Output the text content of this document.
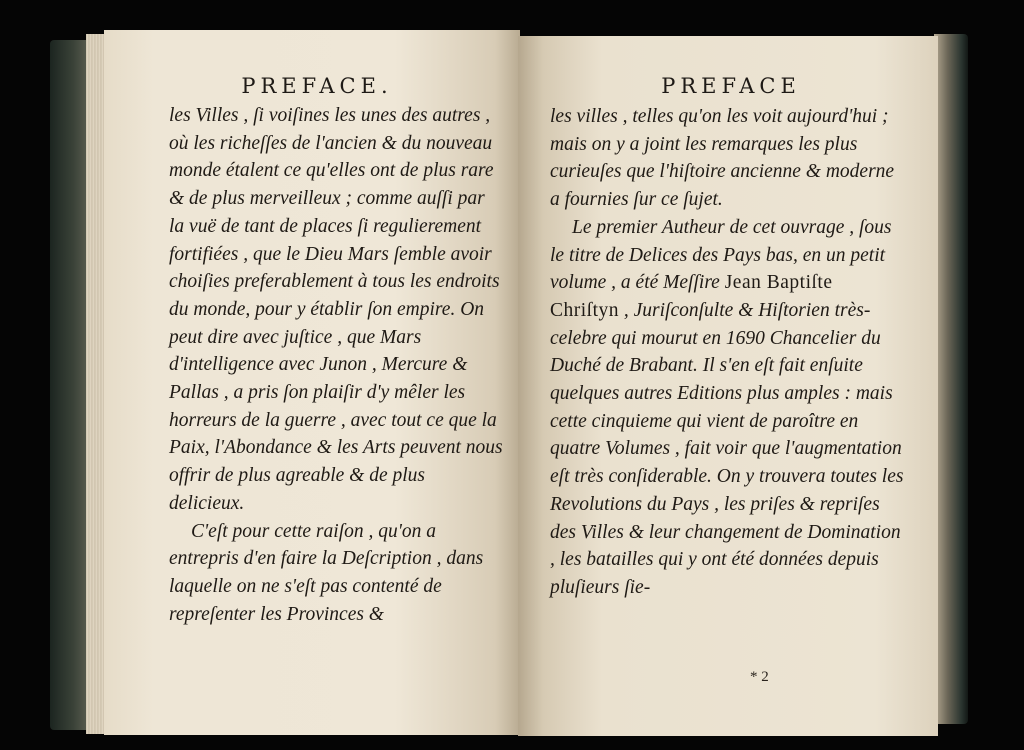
PREFACE.

les Villes , ſi voiſines les unes des autres , où les richeſſes de l'ancien & du nouveau monde étalent ce qu'elles ont de plus rare & de plus merveilleux ; comme auſſi par la vuë de tant de places ſi regulierement fortifiées , que le Dieu Mars ſemble avoir choiſies preferablement à tous les endroits du monde, pour y établir ſon empire. On peut dire avec juſtice , que Mars d'intelligence avec Junon , Mercure & Pallas , a pris ſon plaiſir d'y mêler les horreurs de la guerre , avec tout ce que la Paix, l'Abondance & les Arts peuvent nous offrir de plus agreable & de plus delicieux.

C'eſt pour cette raiſon , qu'on a entrepris d'en faire la Deſcription , dans laquelle on ne s'eſt pas contenté de repreſenter les Provinces &

PREFACE

les villes , telles qu'on les voit aujourd'hui ; mais on y a joint les remarques les plus curieuſes que l'hiſtoire ancienne & moderne a fournies ſur ce ſujet.

Le premier Autheur de cet ouvrage , ſous le titre de Delices des Pays bas, en un petit volume , a été Meſſire Jean Baptiſte Chriſtyn , Juriſconſulte & Hiſtorien très-celebre qui mourut en 1690 Chancelier du Duché de Brabant. Il s'en eſt fait enſuite quelques autres Editions plus amples : mais cette cinquieme qui vient de paroître en quatre Volumes , fait voir que l'augmentation eſt très conſiderable. On y trouvera toutes les Revolutions du Pays , les priſes & repriſes des Villes & leur changement de Domination , les batailles qui y ont été données depuis pluſieurs ſie-

* 2
